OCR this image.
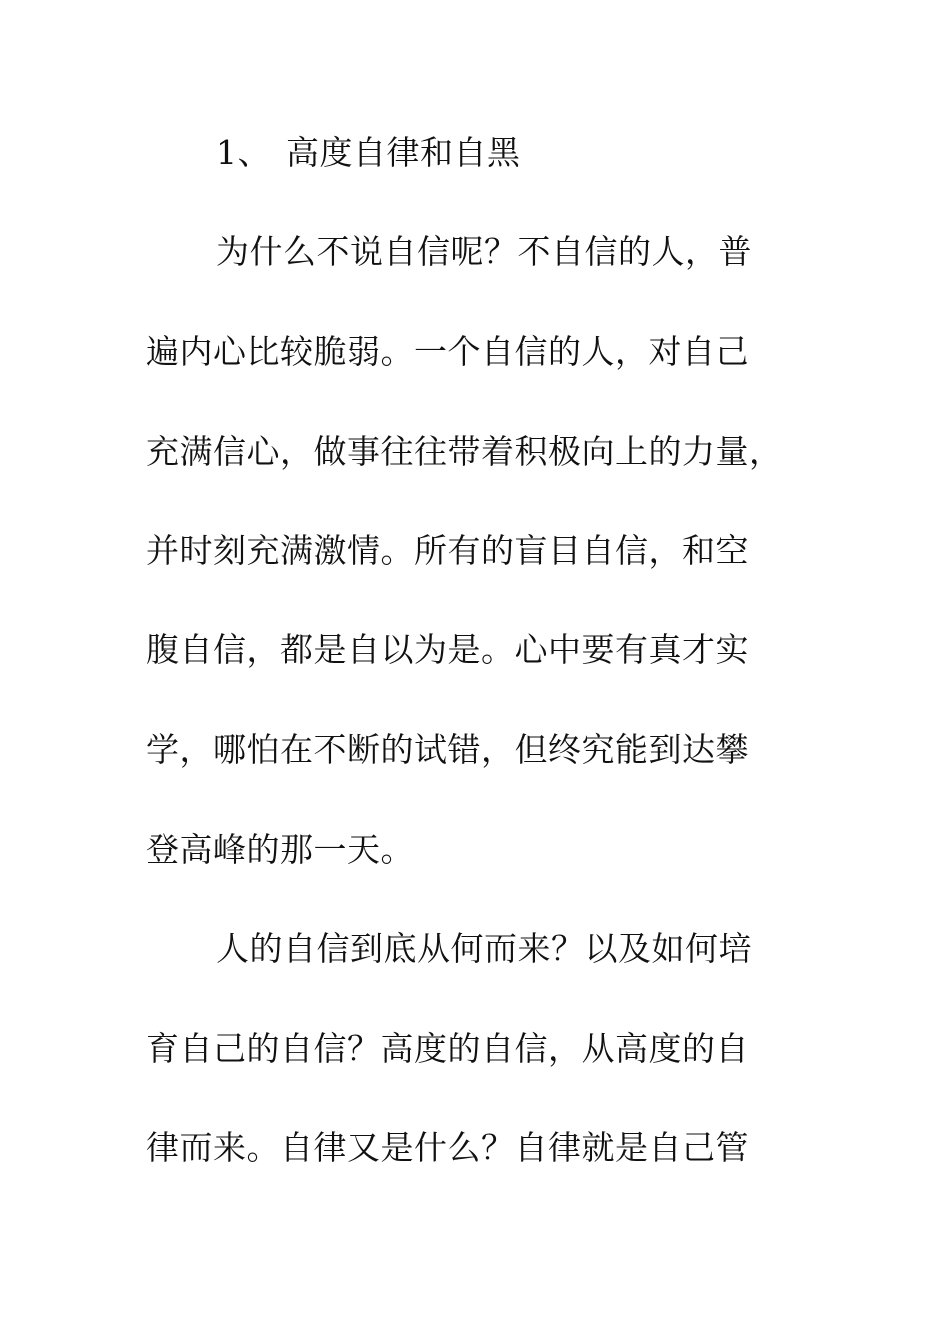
1、 高度自律和自黑
为什么不说自信呢？不自信的人，普
遍内心比较脆弱。一个自信的人，对自己
充满信心，做事往往带着积极向上的力量，
并时刻充满激情。所有的盲目自信，和空
腹自信，都是自以为是。心中要有真才实
学，哪怕在不断的试错，但终究能到达攀
登高峰的那一天。
人的自信到底从何而来？以及如何培
育自己的自信？高度的自信，从高度的自
律而来。自律又是什么？自律就是自己管
